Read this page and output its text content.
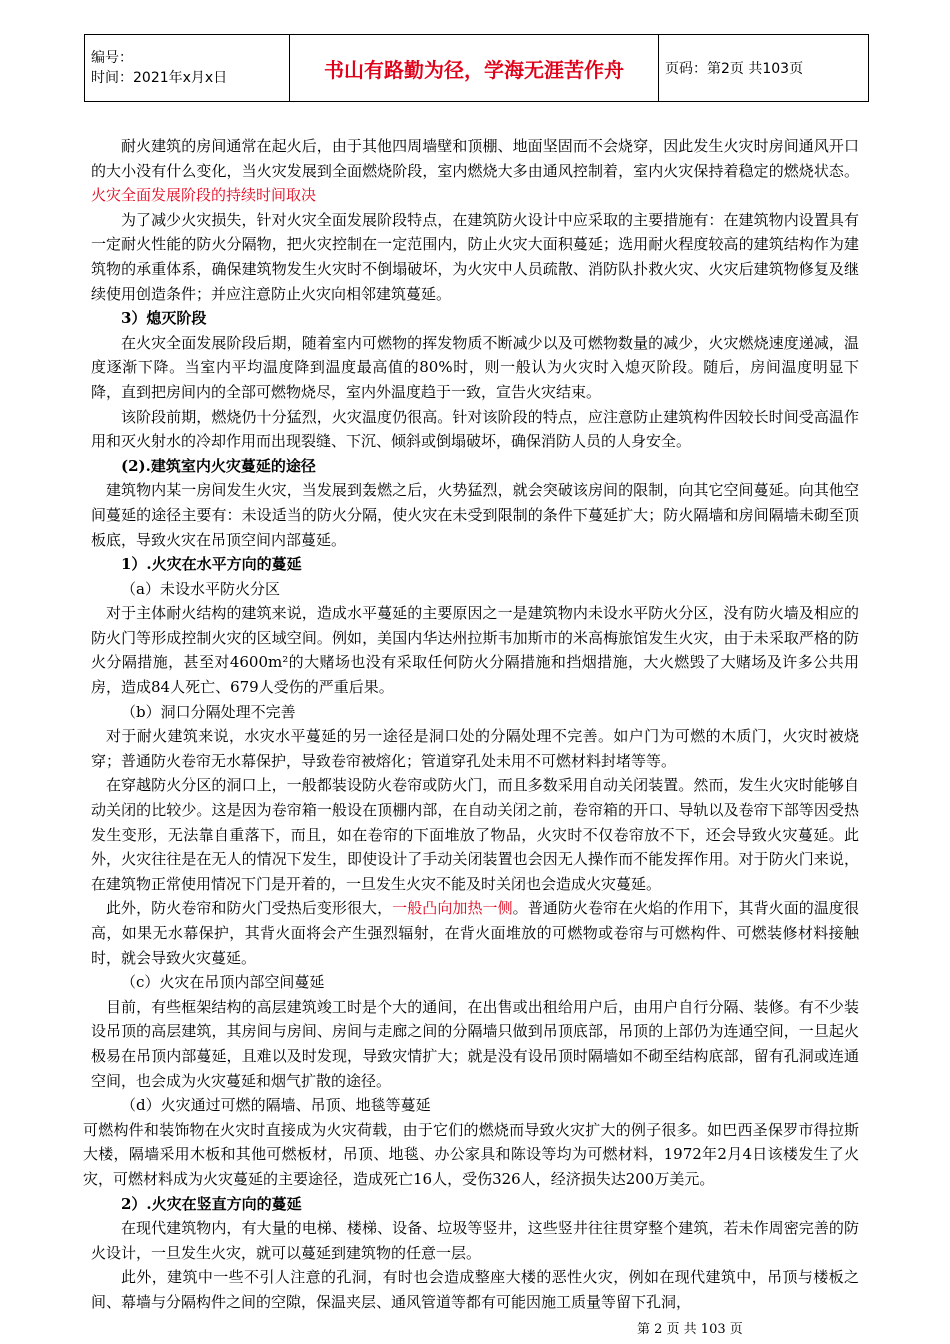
编号：
时间：2021年x月x日	书山有路勤为径，学海无涯苦作舟	页码：第2页 共103页

耐火建筑的房间通常在起火后，由于其他四周墙壁和顶棚、地面坚固而不会烧穿，因此发生火灾时房间通风开口的大小没有什么变化，当火灾发展到全面燃烧阶段，室内燃烧大多由通风控制着，室内火灾保持着稳定的燃烧状态。火灾全面发展阶段的持续时间取决

为了减少火灾损失，针对火灾全面发展阶段特点，在建筑防火设计中应采取的主要措施有：在建筑物内设置具有一定耐火性能的防火分隔物，把火灾控制在一定范围内，防止火灾大面积蔓延；选用耐火程度较高的建筑结构作为建筑物的承重体系，确保建筑物发生火灾时不倒塌破坏，为火灾中人员疏散、消防队扑救火灾、火灾后建筑物修复及继续使用创造条件；并应注意防止火灾向相邻建筑蔓延。

3）熄灭阶段

在火灾全面发展阶段后期，随着室内可燃物的挥发物质不断减少以及可燃物数量的减少，火灾燃烧速度递减，温度逐渐下降。当室内平均温度降到温度最高值的80%时，则一般认为火灾时入熄灭阶段。随后，房间温度明显下降，直到把房间内的全部可燃物烧尽，室内外温度趋于一致，宣告火灾结束。

该阶段前期，燃烧仍十分猛烈，火灾温度仍很高。针对该阶段的特点，应注意防止建筑构件因较长时间受高温作用和灭火射水的冷却作用而出现裂缝、下沉、倾斜或倒塌破坏，确保消防人员的人身安全。

(2).建筑室内火灾蔓延的途径

建筑物内某一房间发生火灾，当发展到轰燃之后，火势猛烈，就会突破该房间的限制，向其它空间蔓延。向其他空间蔓延的途径主要有：未设适当的防火分隔，使火灾在未受到限制的条件下蔓延扩大；防火隔墙和房间隔墙未砌至顶板底，导致火灾在吊顶空间内部蔓延。

1）.火灾在水平方向的蔓延

（a）未设水平防火分区

对于主体耐火结构的建筑来说，造成水平蔓延的主要原因之一是建筑物内未设水平防火分区，没有防火墙及相应的防火门等形成控制火灾的区域空间。例如，美国内华达州拉斯韦加斯市的米高梅旅馆发生火灾，由于未采取严格的防火分隔措施，甚至对4600m²的大赌场也没有采取任何防火分隔措施和挡烟措施，大火燃毁了大赌场及许多公共用房，造成84人死亡、679人受伤的严重后果。

（b）洞口分隔处理不完善

对于耐火建筑来说，水灾水平蔓延的另一途径是洞口处的分隔处理不完善。如户门为可燃的木质门，火灾时被烧穿；普通防火卷帘无水幕保护，导致卷帘被熔化；管道穿孔处未用不可燃材料封堵等等。

在穿越防火分区的洞口上，一般都装设防火卷帘或防火门，而且多数采用自动关闭装置。然而，发生火灾时能够自动关闭的比较少。这是因为卷帘箱一般设在顶棚内部，在自动关闭之前，卷帘箱的开口、导轨以及卷帘下部等因受热发生变形，无法靠自重落下，而且，如在卷帘的下面堆放了物品，火灾时不仅卷帘放不下，还会导致火灾蔓延。此外，火灾往往是在无人的情况下发生，即使设计了手动关闭装置也会因无人操作而不能发挥作用。对于防火门来说，在建筑物正常使用情况下门是开着的，一旦发生火灾不能及时关闭也会造成火灾蔓延。

此外，防火卷帘和防火门受热后变形很大，一般凸向加热一侧。普通防火卷帘在火焰的作用下，其背火面的温度很高，如果无水幕保护，其背火面将会产生强烈辐射，在背火面堆放的可燃物或卷帘与可燃构件、可燃装修材料接触时，就会导致火灾蔓延。

（c）火灾在吊顶内部空间蔓延

目前，有些框架结构的高层建筑竣工时是个大的通间，在出售或出租给用户后，由用户自行分隔、装修。有不少装设吊顶的高层建筑，其房间与房间、房间与走廊之间的分隔墙只做到吊顶底部，吊顶的上部仍为连通空间，一旦起火极易在吊顶内部蔓延，且难以及时发现，导致灾情扩大；就是没有设吊顶时隔墙如不砌至结构底部，留有孔洞或连通空间，也会成为火灾蔓延和烟气扩散的途径。

（d）火灾通过可燃的隔墙、吊顶、地毯等蔓延

可燃构件和装饰物在火灾时直接成为火灾荷载，由于它们的燃烧而导致火灾扩大的例子很多。如巴西圣保罗市得拉斯大楼，隔墙采用木板和其他可燃板材，吊顶、地毯、办公家具和陈设等均为可燃材料，1972年2月4日该楼发生了火灾，可燃材料成为火灾蔓延的主要途径，造成死亡16人，受伤326人，经济损失达200万美元。

2）.火灾在竖直方向的蔓延

在现代建筑物内，有大量的电梯、楼梯、设备、垃圾等竖井，这些竖井往往贯穿整个建筑，若未作周密完善的防火设计，一旦发生火灾，就可以蔓延到建筑物的任意一层。

此外，建筑中一些不引人注意的孔洞，有时也会造成整座大楼的恶性火灾，例如在现代建筑中，吊顶与楼板之间、幕墙与分隔构件之间的空隙，保温夹层、通风管道等都有可能因施工质量等留下孔洞，

第 2 页 共 103 页
